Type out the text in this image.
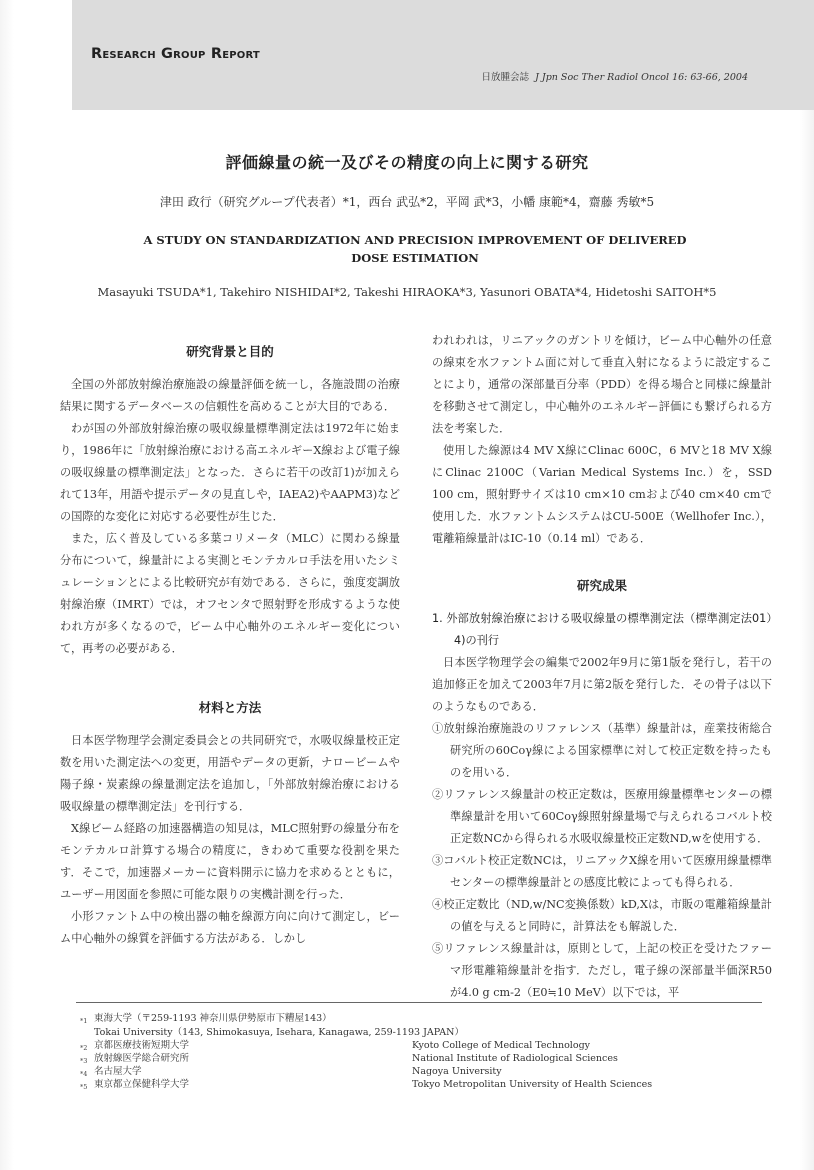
Research Group Report
日放腫会誌 J Jpn Soc Ther Radiol Oncol 16: 63-66, 2004
評価線量の統一及びその精度の向上に関する研究
津田 政行（研究グループ代表者）*1，西台 武弘*2，平岡 武*3，小幡 康範*4，齋藤 秀敏*5
A STUDY ON STANDARDIZATION AND PRECISION IMPROVEMENT OF DELIVERED DOSE ESTIMATION
Masayuki TSUDA*1, Takehiro NISHIDAI*2, Takeshi HIRAOKA*3, Yasunori OBATA*4, Hidetoshi SAITOH*5
研究背景と目的

全国の外部放射線治療施設の線量評価を統一し，各施設間の治療結果に関するデータベースの信頼性を高めることが大目的である．

わが国の外部放射線治療の吸収線量標準測定法は1972年に始まり，1986年に「放射線治療における高エネルギーX線および電子線の吸収線量の標準測定法」となった．さらに若干の改訂1)が加えられて13年，用語や提示データの見直しや，IAEA2)やAAPM3)などの国際的な変化に対応する必要性が生じた．

また，広く普及している多葉コリメータ（MLC）に関わる線量分布について，線量計による実測とモンテカルロ手法を用いたシミュレーションとによる比較研究が有効である．さらに，強度変調放射線治療（IMRT）では，オフセンタで照射野を形成するような使われ方が多くなるので，ビーム中心軸外のエネルギー変化について，再考の必要がある．

材料と方法

日本医学物理学会測定委員会との共同研究で，水吸収線量校正定数を用いた測定法への変更，用語やデータの更新，ナロービームや陽子線・炭素線の線量測定法を追加し，「外部放射線治療における吸収線量の標準測定法」を刊行する．

X線ビーム経路の加速器構造の知見は，MLC照射野の線量分布をモンテカルロ計算する場合の精度に，きわめて重要な役割を果たす．そこで，加速器メーカーに資料開示に協力を求めるとともに，ユーザー用図面を参照に可能な限りの実機計測を行った．

小形ファントム中の検出器の軸を線源方向に向けて測定し，ビーム中心軸外の線質を評価する方法がある．しかし

われわれは，リニアックのガントリを傾け，ビーム中心軸外の任意の線束を水ファントム面に対して垂直入射になるように設定することにより，通常の深部量百分率（PDD）を得る場合と同様に線量計を移動させて測定し，中心軸外のエネルギー評価にも繋げられる方法を考案した．

使用した線源は4 MV X線にClinac 600C，6 MVと18 MV X線にClinac 2100C（Varian Medical Systems Inc.）を，SSD 100 cm，照射野サイズは10 cm×10 cmおよび40 cm×40 cmで使用した．水ファントムシステムはCU-500E（Wellhofer Inc.），電離箱線量計はIC-10（0.14 ml）である．

研究成果

1. 外部放射線治療における吸収線量の標準測定法（標準測定法01）4)の刊行

日本医学物理学会の編集で2002年9月に第1版を発行し，若干の追加修正を加えて2003年7月に第2版を発行した．その骨子は以下のようなものである．

①放射線治療施設のリファレンス（基準）線量計は，産業技術総合研究所の60Coγ線による国家標準に対して校正定数を持ったものを用いる．

②リファレンス線量計の校正定数は，医療用線量標準センターの標準線量計を用いて60Coγ線照射線量場で与えられるコバルト校正定数NCから得られる水吸収線量校正定数ND,wを使用する．

③コバルト校正定数NCは，リニアックX線を用いて医療用線量標準センターの標準線量計との感度比較によっても得られる．

④校正定数比（ND,w/NC変換係数）kD,Xは，市販の電離箱線量計の値を与えると同時に，計算法をも解説した．

⑤リファレンス線量計は，原則として，上記の校正を受けたファーマ形電離箱線量計を指す．ただし，電子線の深部量半価深R50が4.0 g cm-2（E0≒10 MeV）以下では，平

*1 東海大学（〒259-1193 神奈川県伊勢原市下糟屋143）
Tokai University（143, Shimokasuya, Isehara, Kanagawa, 259-1193 JAPAN）
*2 京都医療技術短期大学	Kyoto College of Medical Technology
*3 放射線医学総合研究所	National Institute of Radiological Sciences
*4 名古屋大学	Nagoya University
*5 東京都立保健科学大学	Tokyo Metropolitan University of Health Sciences
